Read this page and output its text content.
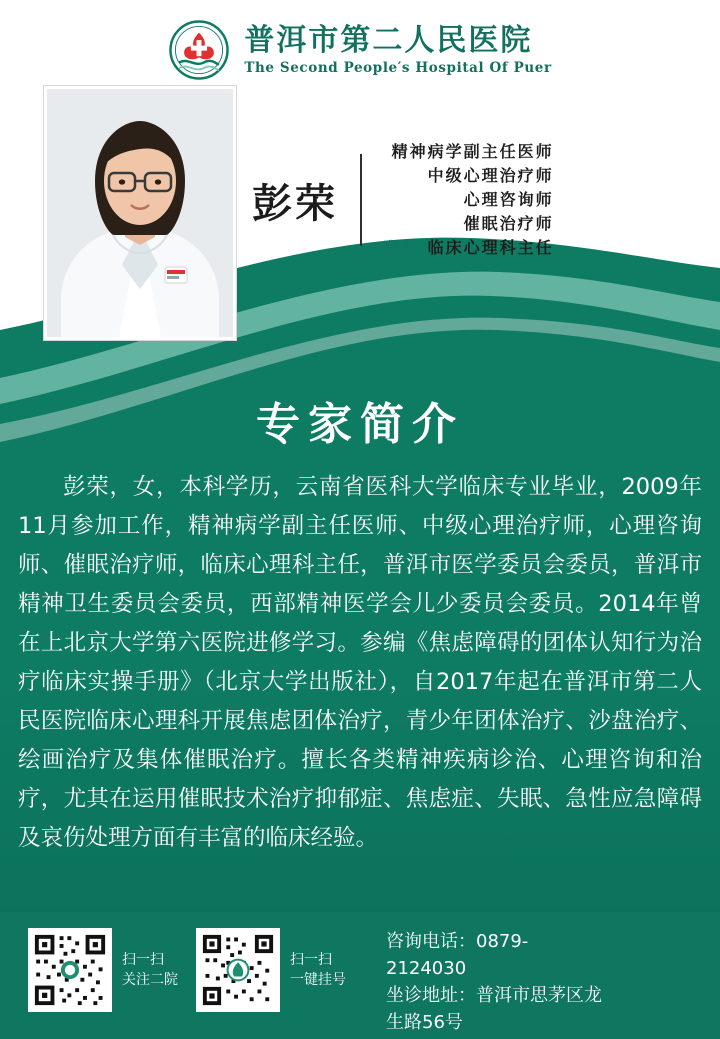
普洱市第二人民医院
The Second People′s Hospital Of Puer
彭荣
精神病学副主任医师
中级心理治疗师
心理咨询师
催眠治疗师
现任 临床心理科主任
专家简介
彭荣，女，本科学历，云南省医科大学临床专业毕业，2009年11月参加工作，精神病学副主任医师、中级心理治疗师，心理咨询师、催眠治疗师，临床心理科主任，普洱市医学委员会委员，普洱市精神卫生委员会委员，西部精神医学会儿少委员会委员。2014年曾在上北京大学第六医院进修学习。参编《焦虑障碍的团体认知行为治疗临床实操手册》（北京大学出版社），自2017年起在普洱市第二人民医院临床心理科开展焦虑团体治疗，青少年团体治疗、沙盘治疗、绘画治疗及集体催眠治疗。擅长各类精神疾病诊治、心理咨询和治疗，尤其在运用催眠技术治疗抑郁症、焦虑症、失眠、急性应急障碍及哀伤处理方面有丰富的临床经验。
扫一扫
关注二院
扫一扫
一键挂号
咨询电话：0879-2124030
坐诊地址：普洱市思茅区龙生路56号
